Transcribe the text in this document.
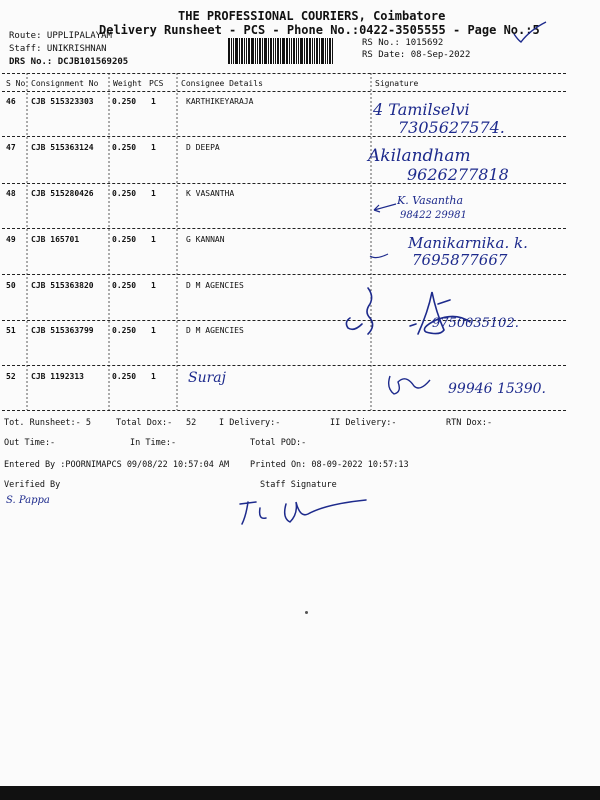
THE PROFESSIONAL COURIERS, Coimbatore
Delivery Runsheet - PCS - Phone No.:0422-3505555 - Page No.:5
Route: UPPLIPALAYAM
Staff: UNIKRISHNAN
DRS No.: DCJB101569205
RS No.: 1015692
RS Date: 08-Sep-2022
S No Consignment No Weight PCS Consignee Details	Signature
46 CJB 515323303 0.250 1	KARTHIKEYARAJA	4 Tamilselvi
7305627574.
47 CJB 515363124 0.250 1	D DEEPA	Akilandham
9626277818
48 CJB 515280426 0.250 1	K VASANTHA
K. Vasantha
98422 29981
49 CJB 165701	0.250 1	G KANNAN	Manikarnika. k.
7695877667
50 CJB 515363820 0.250 1	D M AGENCIES
51 CJB 515363799 0.250 1	D M AGENCIES	9750035102.
52 CJB 1192313	0.250 1 Suraj
99946 15390.
Tot. Runsheet:- 5	Total Dox:- 52	I Delivery:-	II Delivery:-	RTN Dox:-
Out Time:-	In Time:-	Total POD:-
Entered By :POORNIMAPCS 09/08/22 10:57:04 AM Printed On: 08-09-2022 10:57:13
Verified By
S. Pappa
Staff Signature
